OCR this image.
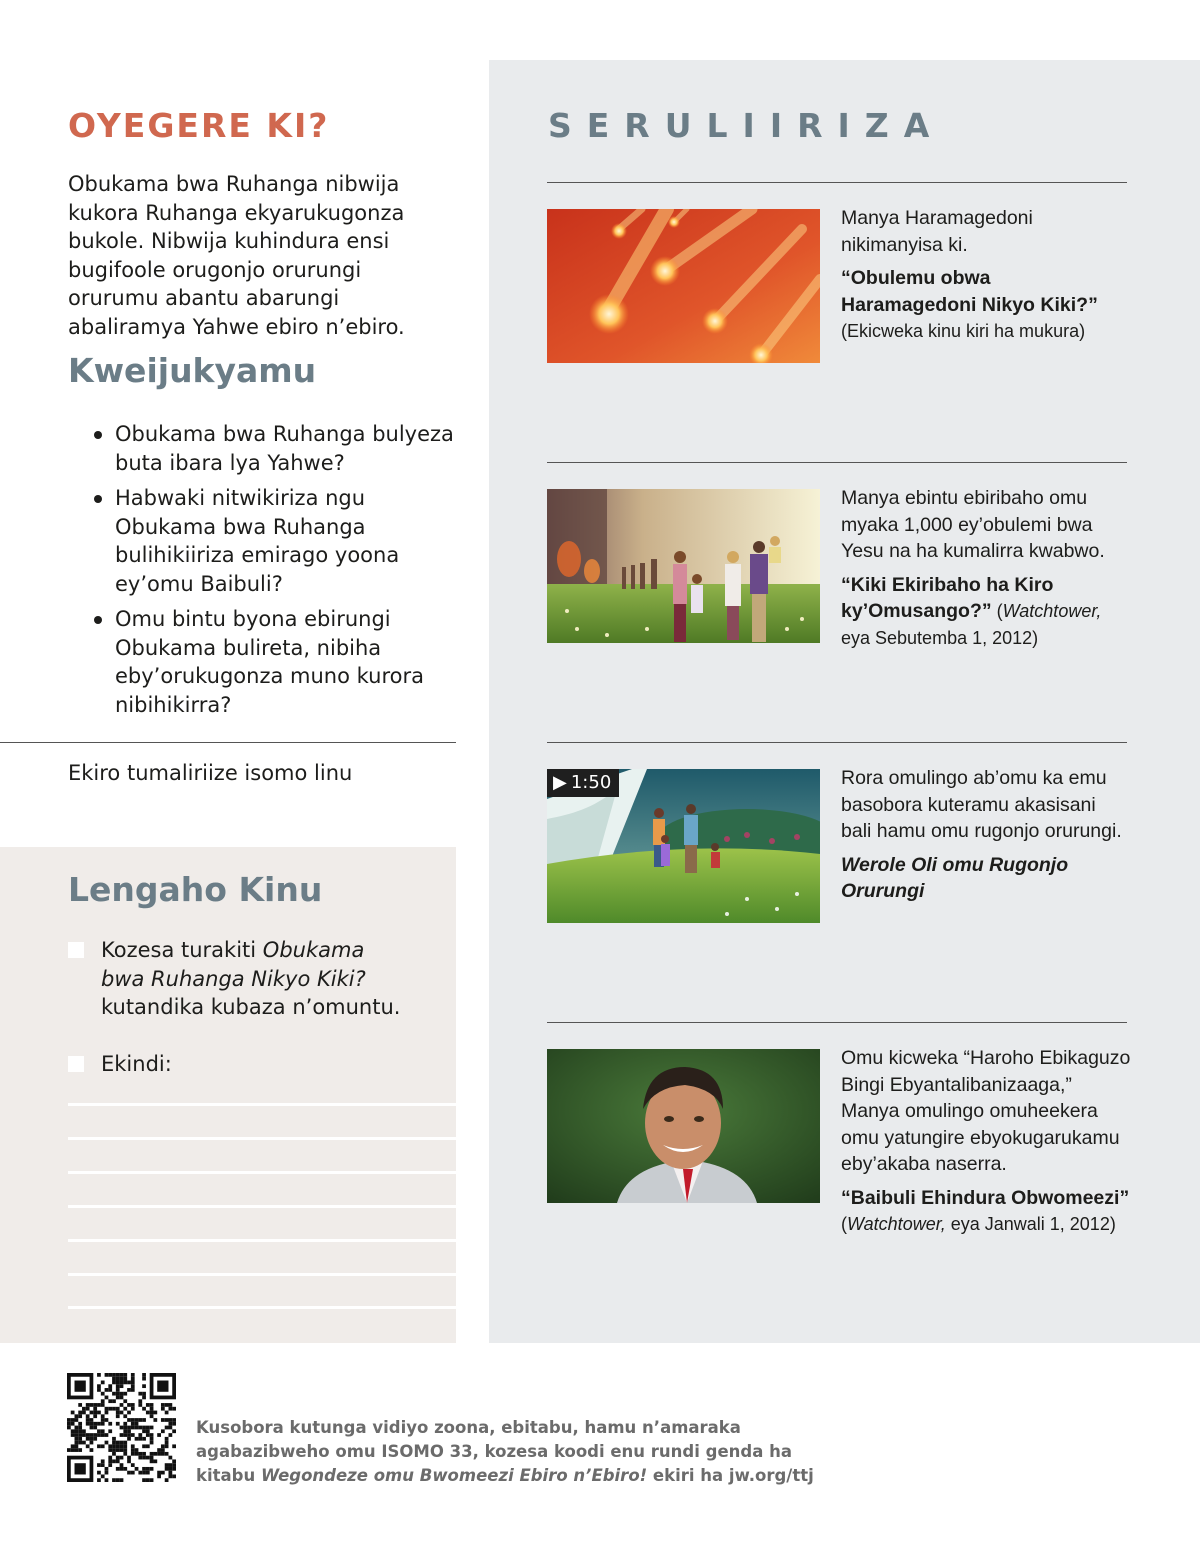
OYEGERE KI?
Obukama bwa Ruhanga nibwija kukora Ruhanga ekyarukugonza bukole. Nibwija kuhindura ensi bugifoole orugonjo orurungi orurumu abantu abarungi abaliramya Yahwe ebiro n’ebiro.
Kweijukyamu
Obukama bwa Ruhanga bulyeza buta ibara lya Yahwe?
Habwaki nitwikiriza ngu Obukama bwa Ruhanga bulihikiiriza emirago yoona ey’omu Baibuli?
Omu bintu byona ebirungi Obukama bulireta, nibiha eby’orukugonza muno kurora nibihikirra?
Ekiro tumaliriize isomo linu
Lengaho Kinu
Kozesa turakiti Obukama bwa Ruhanga Nikyo Kiki? kutandika kubaza n’omuntu.
Ekindi:
SERULIIRIZA
Manya Haramagedoni nikimanyisa ki.
“Obulemu obwa Haramagedoni Nikyo Kiki?” (Ekicweka kinu kiri ha mukura)
Manya ebintu ebiribaho omu myaka 1,000 ey’obulemi bwa Yesu na ha kumalirra kwabwo.
“Kiki Ekiribaho ha Kiro ky’Omusango?” (Watchtower, eya Sebutemba 1, 2012)
▶ 1:50	Rora omulingo ab’omu ka emu basobora kuteramu akasisani bali hamu omu rugonjo orurungi.
Werole Oli omu Rugonjo Orurungi
Omu kicweka “Haroho Ebikaguzo Bingi Ebyantalibanizaaga,” Manya omulingo omuheekera omu yatungire ebyokugarukamu eby’akaba naserra.
“Baibuli Ehindura Obwomeezi” (Watchtower, eya Janwali 1, 2012)
Kusobora kutunga vidiyo zoona, ebitabu, hamu n’amaraka agabazibweho omu ISOMO 33, kozesa koodi enu rundi genda ha kitabu Wegondeze omu Bwomeezi Ebiro n’Ebiro! ekiri ha jw.org/ttj
